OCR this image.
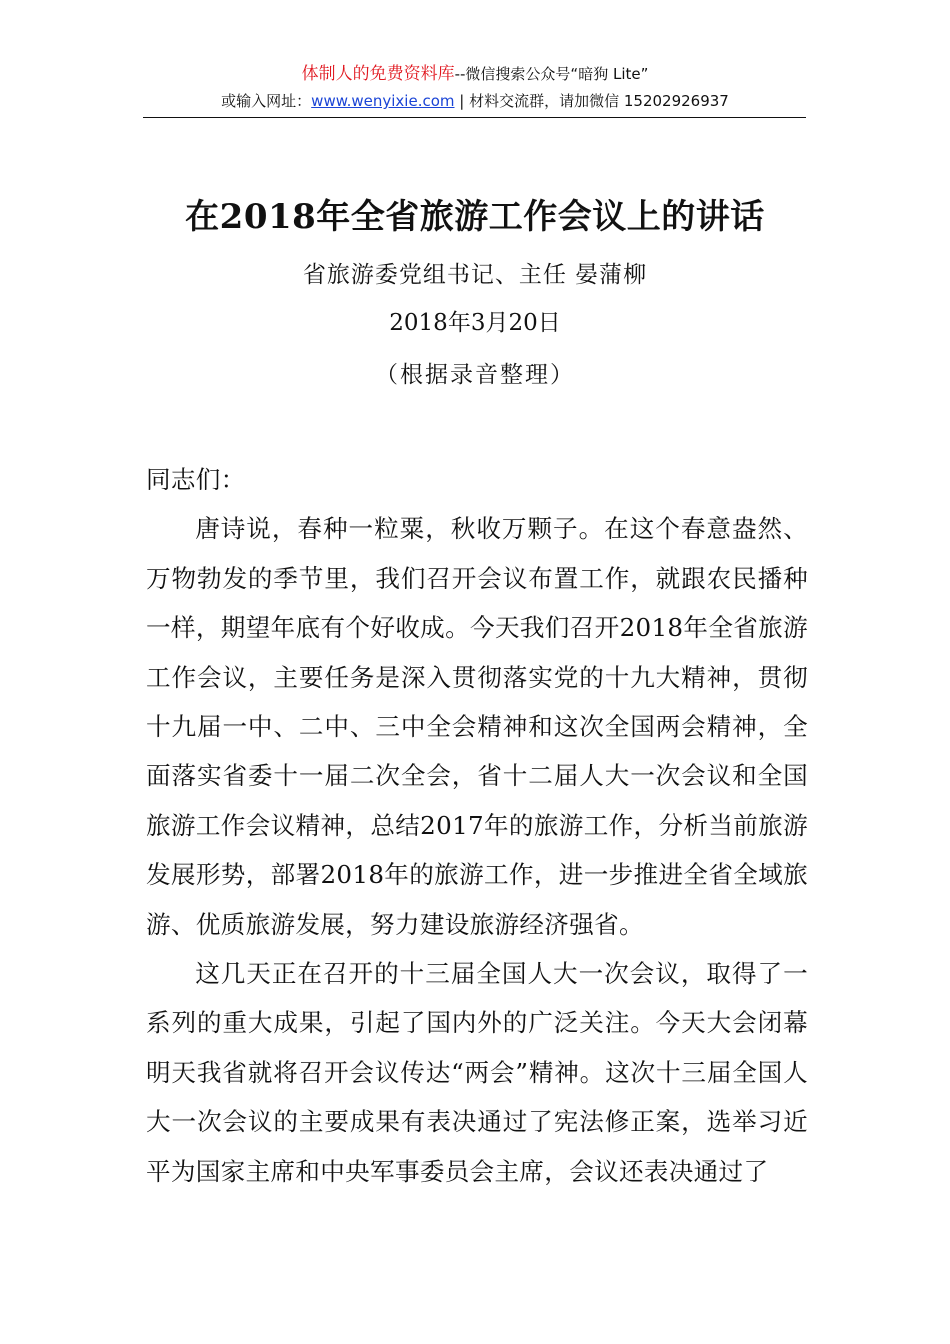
体制人的免费资料库--微信搜索公众号“暗狗 Lite”
或输入网址：www.wenyixie.com | 材料交流群，请加微信 15202926937
在2018年全省旅游工作会议上的讲话
省旅游委党组书记、主任 晏蒲柳
2018年3月20日
（根据录音整理）

同志们：

唐诗说，春种一粒粟，秋收万颗子。在这个春意盎然、万物勃发的季节里，我们召开会议布置工作，就跟农民播种一样，期望年底有个好收成。今天我们召开2018年全省旅游工作会议，主要任务是深入贯彻落实党的十九大精神，贯彻十九届一中、二中、三中全会精神和这次全国两会精神，全面落实省委十一届二次全会，省十二届人大一次会议和全国旅游工作会议精神，总结2017年的旅游工作，分析当前旅游发展形势，部署2018年的旅游工作，进一步推进全省全域旅游、优质旅游发展，努力建设旅游经济强省。

这几天正在召开的十三届全国人大一次会议，取得了一系列的重大成果，引起了国内外的广泛关注。今天大会闭幕明天我省就将召开会议传达“两会”精神。这次十三届全国人大一次会议的主要成果有表决通过了宪法修正案，选举习近平为国家主席和中央军事委员会主席，会议还表决通过了
